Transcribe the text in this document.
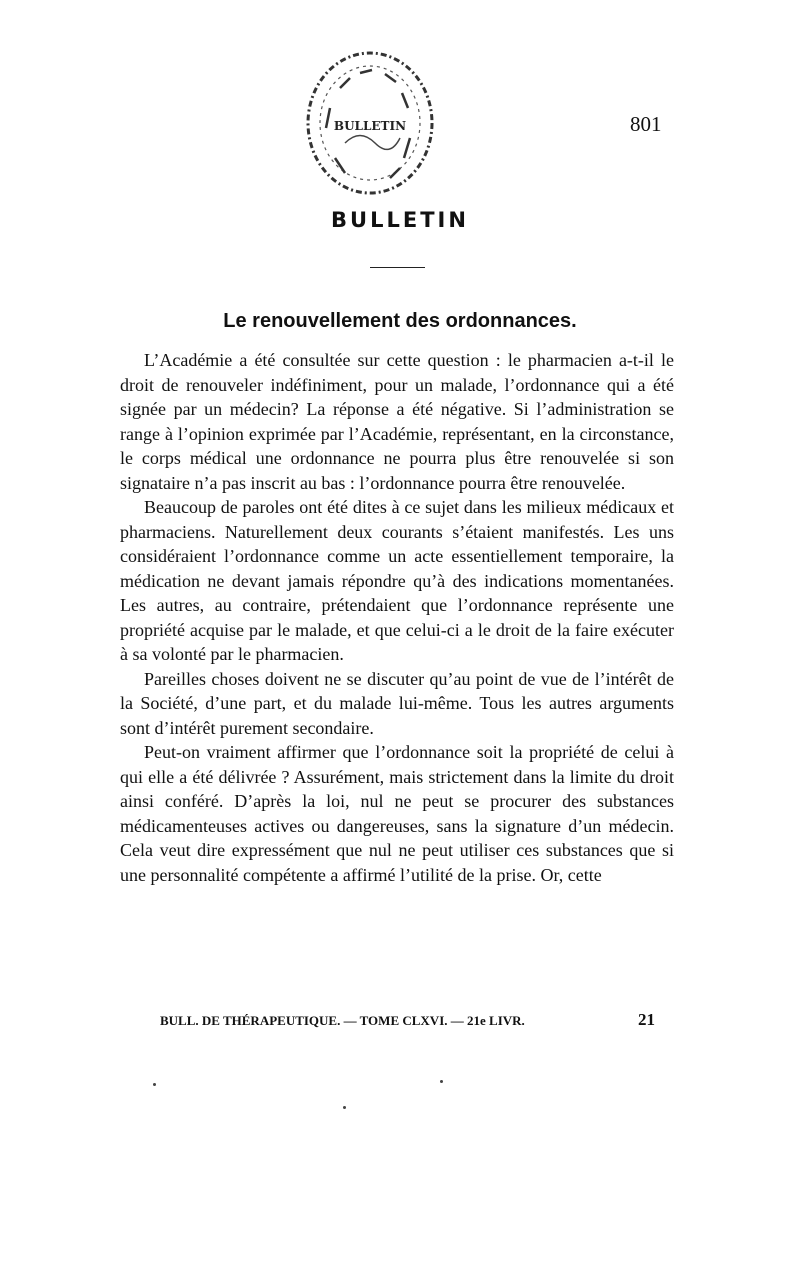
BULLETIN	801
BULLETIN
Le renouvellement des ordonnances.

L’Académie a été consultée sur cette question : le pharmacien a-t-il le droit de renouveler indéfiniment, pour un malade, l’ordonnance qui a été signée par un médecin? La réponse a été négative. Si l’administration se range à l’opinion exprimée par l’Académie, représentant, en la circonstance, le corps médical une ordonnance ne pourra plus être renouvelée si son signataire n’a pas inscrit au bas : l’ordonnance pourra être renouvelée.

Beaucoup de paroles ont été dites à ce sujet dans les milieux médicaux et pharmaciens. Naturellement deux courants s’étaient manifestés. Les uns considéraient l’ordonnance comme un acte essentiellement temporaire, la médication ne devant jamais répondre qu’à des indications momentanées. Les autres, au contraire, prétendaient que l’ordonnance représente une propriété acquise par le malade, et que celui-ci a le droit de la faire exécuter à sa volonté par le pharmacien.

Pareilles choses doivent ne se discuter qu’au point de vue de l’intérêt de la Société, d’une part, et du malade lui-même. Tous les autres arguments sont d’intérêt purement secondaire.

Peut-on vraiment affirmer que l’ordonnance soit la propriété de celui à qui elle a été délivrée ? Assurément, mais strictement dans la limite du droit ainsi conféré. D’après la loi, nul ne peut se procurer des substances médicamenteuses actives ou dangereuses, sans la signature d’un médecin. Cela veut dire expressément que nul ne peut utiliser ces substances que si une personnalité compétente a affirmé l’utilité de la prise. Or, cette

BULL. DE THÉRAPEUTIQUE. — TOME CLXVI. — 21e LIVR.	21
